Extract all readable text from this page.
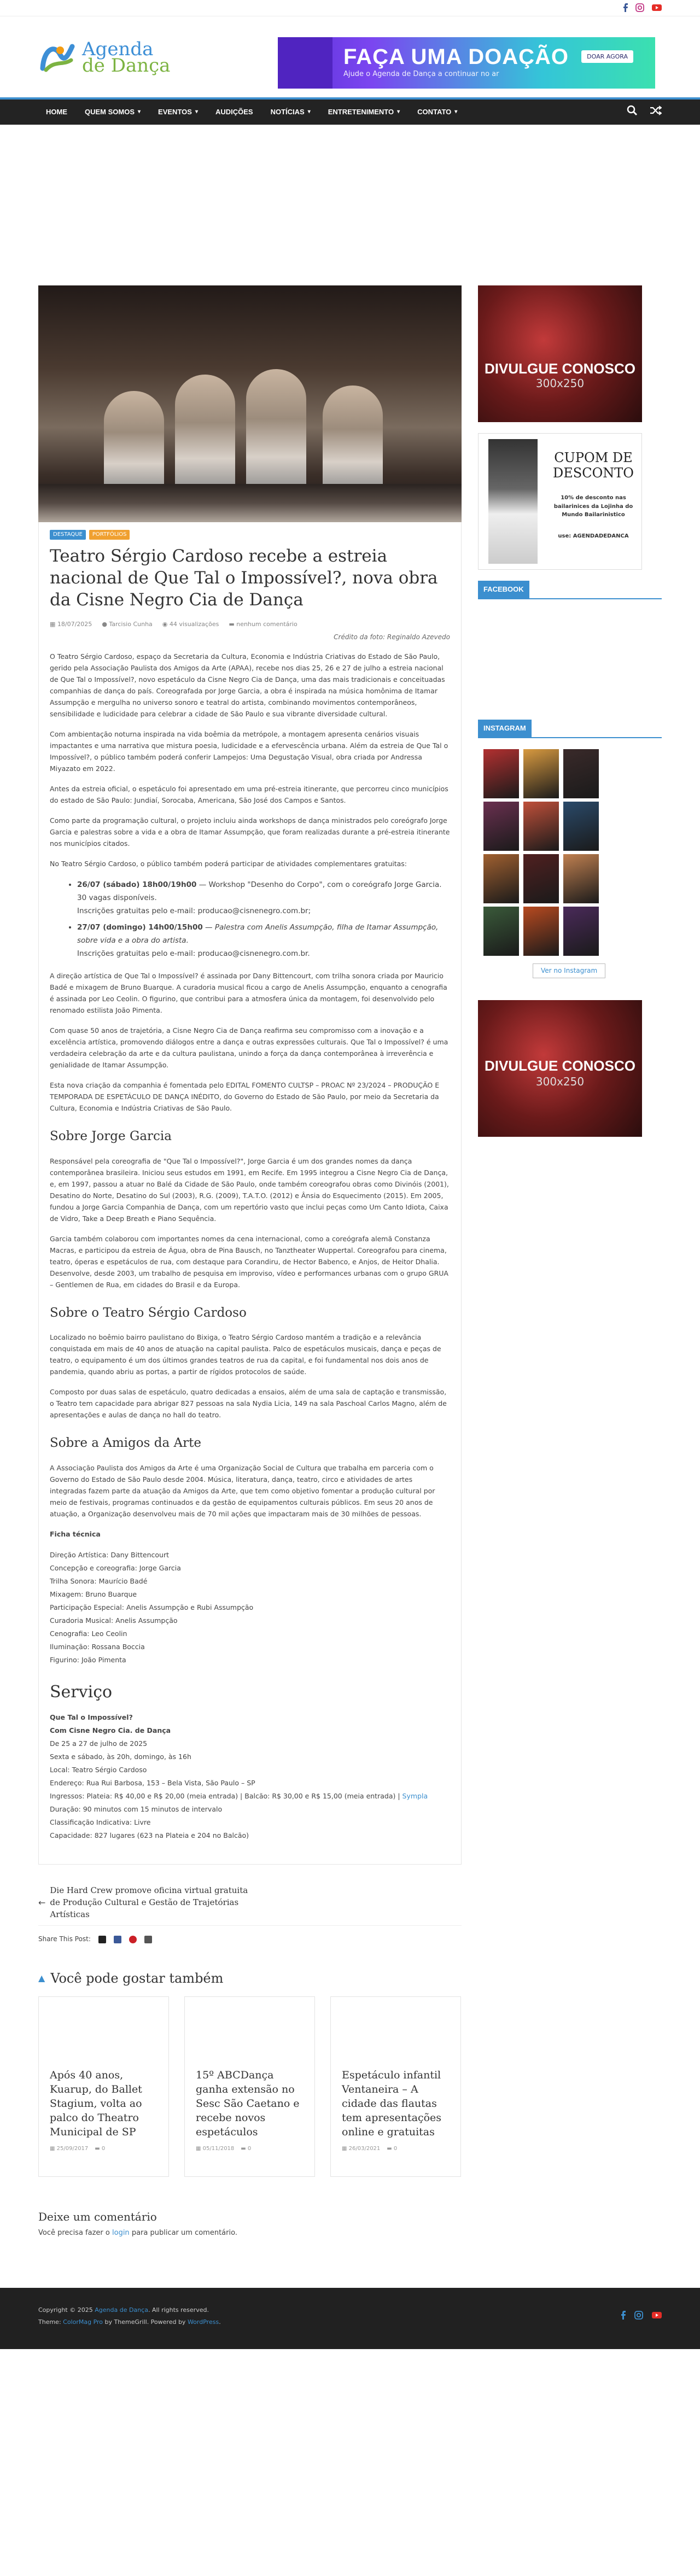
Agenda
de Dança	FAÇA UMA DOAÇÃO
Ajude o Agenda de Dança a continuar no ar
DOAR AGORA
HOME QUEM SOMOS ▾ EVENTOS ▾ AUDIÇÕES NOTÍCIAS ▾ ENTRETENIMENTO ▾ CONTATO ▾
DESTAQUE	PORTFÓLIOS
Teatro Sérgio Cardoso recebe a estreia nacional de Que Tal o Impossível?, nova obra da Cisne Negro Cia de Dança
▦ 18/07/2025 ● Tarcisio Cunha ◉ 44 visualizações ▬ nenhum comentário
Crédito da foto: Reginaldo Azevedo

O Teatro Sérgio Cardoso, espaço da Secretaria da Cultura, Economia e Indústria Criativas do Estado de São Paulo, gerido pela Associação Paulista dos Amigos da Arte (APAA), recebe nos dias 25, 26 e 27 de julho a estreia nacional de Que Tal o Impossível?, novo espetáculo da Cisne Negro Cia de Dança, uma das mais tradicionais e conceituadas companhias de dança do país. Coreografada por Jorge Garcia, a obra é inspirada na música homônima de Itamar Assumpção e mergulha no universo sonoro e teatral do artista, combinando movimentos contemporâneos, sensibilidade e ludicidade para celebrar a cidade de São Paulo e sua vibrante diversidade cultural.

Com ambientação noturna inspirada na vida boêmia da metrópole, a montagem apresenta cenários visuais impactantes e uma narrativa que mistura poesia, ludicidade e a efervescência urbana. Além da estreia de Que Tal o Impossível?, o público também poderá conferir Lampejos: Uma Degustação Visual, obra criada por Andressa Miyazato em 2022.

Antes da estreia oficial, o espetáculo foi apresentado em uma pré-estreia itinerante, que percorreu cinco municípios do estado de São Paulo: Jundiaí, Sorocaba, Americana, São José dos Campos e Santos.

Como parte da programação cultural, o projeto incluiu ainda workshops de dança ministrados pelo coreógrafo Jorge Garcia e palestras sobre a vida e a obra de Itamar Assumpção, que foram realizadas durante a pré-estreia itinerante nos municípios citados.

No Teatro Sérgio Cardoso, o público também poderá participar de atividades complementares gratuitas:

• 26/07 (sábado) 18h00/19h00 — Workshop "Desenho do Corpo", com o coreógrafo Jorge Garcia. 30 vagas disponíveis.
Inscrições gratuitas pelo e-mail: producao@cisnenegro.com.br;
• 27/07 (domingo) 14h00/15h00 — Palestra com Anelis Assumpção, filha de Itamar Assumpção, sobre vida e a obra do artista.
Inscrições gratuitas pelo e-mail: producao@cisnenegro.com.br.

A direção artística de Que Tal o Impossível? é assinada por Dany Bittencourt, com trilha sonora criada por Mauricio Badé e mixagem de Bruno Buarque. A curadoria musical ficou a cargo de Anelis Assumpção, enquanto a cenografia é assinada por Leo Ceolin. O figurino, que contribui para a atmosfera única da montagem, foi desenvolvido pelo renomado estilista João Pimenta.

Com quase 50 anos de trajetória, a Cisne Negro Cia de Dança reafirma seu compromisso com a inovação e a excelência artística, promovendo diálogos entre a dança e outras expressões culturais. Que Tal o Impossível? é uma verdadeira celebração da arte e da cultura paulistana, unindo a força da dança contemporânea à irreverência e genialidade de Itamar Assumpção.

Esta nova criação da companhia é fomentada pelo EDITAL FOMENTO CULTSP – PROAC Nº 23/2024 – PRODUÇÃO E TEMPORADA DE ESPETÁCULO DE DANÇA INÉDITO, do Governo do Estado de São Paulo, por meio da Secretaria da Cultura, Economia e Indústria Criativas de São Paulo.

Sobre Jorge Garcia

Responsável pela coreografia de "Que Tal o Impossível?", Jorge Garcia é um dos grandes nomes da dança contemporânea brasileira. Iniciou seus estudos em 1991, em Recife. Em 1995 integrou a Cisne Negro Cia de Dança, e, em 1997, passou a atuar no Balé da Cidade de São Paulo, onde também coreografou obras como Divinóis (2001), Desatino do Norte, Desatino do Sul (2003), R.G. (2009), T.A.T.O. (2012) e Ânsia do Esquecimento (2015). Em 2005, fundou a Jorge Garcia Companhia de Dança, com um repertório vasto que inclui peças como Um Canto Idiota, Caixa de Vidro, Take a Deep Breath e Piano Sequência.

Garcia também colaborou com importantes nomes da cena internacional, como a coreógrafa alemã Constanza Macras, e participou da estreia de Água, obra de Pina Bausch, no Tanztheater Wuppertal. Coreografou para cinema, teatro, óperas e espetáculos de rua, com destaque para Corandiru, de Hector Babenco, e Anjos, de Heitor Dhalia. Desenvolve, desde 2003, um trabalho de pesquisa em improviso, vídeo e performances urbanas com o grupo GRUA – Gentlemen de Rua, em cidades do Brasil e da Europa.

Sobre o Teatro Sérgio Cardoso

Localizado no boêmio bairro paulistano do Bixiga, o Teatro Sérgio Cardoso mantém a tradição e a relevância conquistada em mais de 40 anos de atuação na capital paulista. Palco de espetáculos musicais, dança e peças de teatro, o equipamento é um dos últimos grandes teatros de rua da capital, e foi fundamental nos dois anos de pandemia, quando abriu as portas, a partir de rígidos protocolos de saúde.

Composto por duas salas de espetáculo, quatro dedicadas a ensaios, além de uma sala de captação e transmissão, o Teatro tem capacidade para abrigar 827 pessoas na sala Nydia Licia, 149 na sala Paschoal Carlos Magno, além de apresentações e aulas de dança no hall do teatro.

Sobre a Amigos da Arte

A Associação Paulista dos Amigos da Arte é uma Organização Social de Cultura que trabalha em parceria com o Governo do Estado de São Paulo desde 2004. Música, literatura, dança, teatro, circo e atividades de artes integradas fazem parte da atuação da Amigos da Arte, que tem como objetivo fomentar a produção cultural por meio de festivais, programas continuados e da gestão de equipamentos culturais públicos. Em seus 20 anos de atuação, a Organização desenvolveu mais de 70 mil ações que impactaram mais de 30 milhões de pessoas.

Ficha técnica

Direção Artística: Dany Bittencourt
Concepção e coreografia: Jorge Garcia
Trilha Sonora: Maurício Badé
Mixagem: Bruno Buarque
Participação Especial: Anelis Assumpção e Rubi Assumpção
Curadoria Musical: Anelis Assumpção
Cenografia: Leo Ceolin
Iluminação: Rossana Boccia
Figurino: João Pimenta
Serviço
Que Tal o Impossível?
Com Cisne Negro Cia. de Dança
De 25 a 27 de julho de 2025
Sexta e sábado, às 20h, domingo, às 16h
Local: Teatro Sérgio Cardoso
Endereço: Rua Rui Barbosa, 153 – Bela Vista, São Paulo – SP
Ingressos: Plateia: R$ 40,00 e R$ 20,00 (meia entrada) | Balcão: R$ 30,00 e R$ 15,00 (meia entrada) | Sympla
Duração: 90 minutos com 15 minutos de intervalo
Classificação Indicativa: Livre
Capacidade: 827 lugares (623 na Plateia e 204 no Balcão)
←
Die Hard Crew promove oficina virtual gratuita de Produção Cultural e Gestão de Trajetórias Artísticas
Share This Post:
▲ Você pode gostar também
Após 40 anos, Kuarup, do Ballet Stagium, volta ao palco do Theatro Municipal de SP
▦ 25/09/2017 ▬ 0
15º ABCDança ganha extensão no Sesc São Caetano e recebe novos espetáculos
▦ 05/11/2018 ▬ 0
Espetáculo infantil Ventaneira – A cidade das flautas tem apresentações online e gratuitas
▦ 26/03/2021 ▬ 0
Deixe um comentário

Você precisa fazer o login para publicar um comentário.

DIVULGUE CONOSCO
300x250
CUPOM DE DESCONTO
10% de desconto nas bailarinices da Lojinha do Mundo Bailarinistico
use: AGENDADEDANCA
FACEBOOK
INSTAGRAM
Ver no Instagram
DIVULGUE CONOSCO
300x250
Copyright © 2025 Agenda de Dança. All rights reserved.
Theme: ColorMag Pro by ThemeGrill. Powered by WordPress.
